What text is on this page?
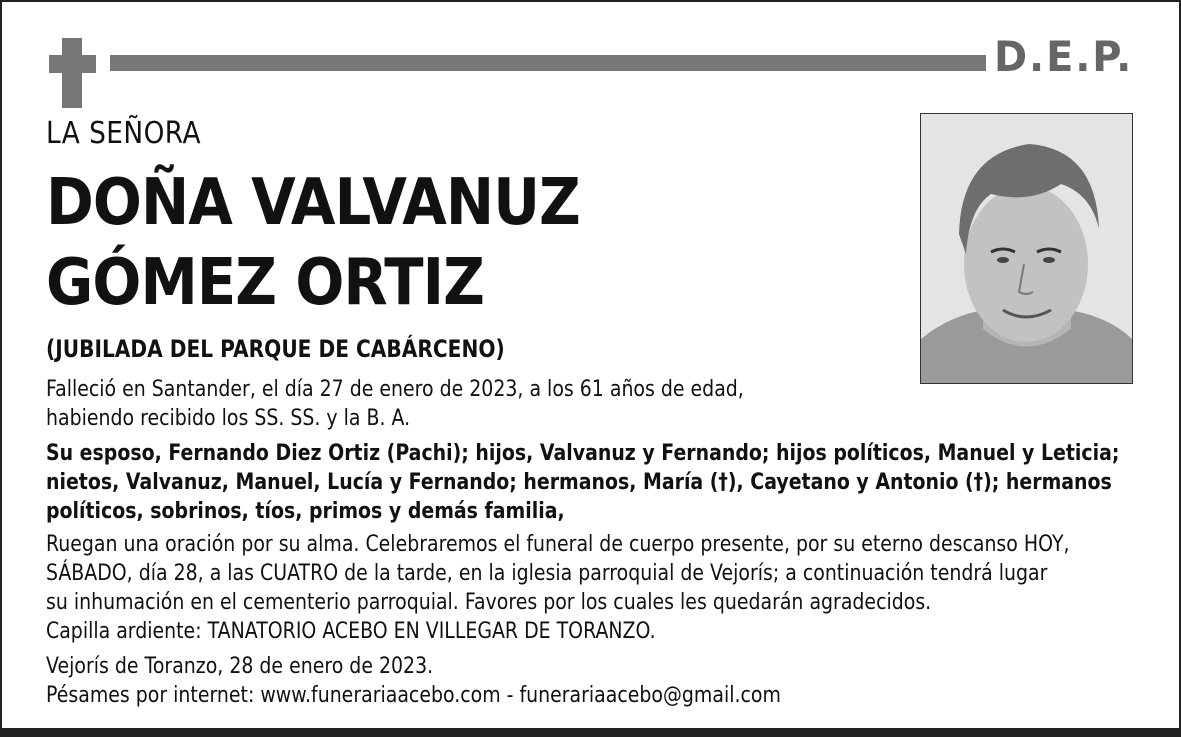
D.E.P.
LA SEÑORA
DOÑA VALVANUZ
GÓMEZ ORTIZ
(JUBILADA DEL PARQUE DE CABÁRCENO)
Falleció en Santander, el día 27 de enero de 2023, a los 61 años de edad,
habiendo recibido los SS. SS. y la B. A.
Su esposo, Fernando Diez Ortiz (Pachi); hijos, Valvanuz y Fernando; hijos políticos, Manuel y Leticia;
nietos, Valvanuz, Manuel, Lucía y Fernando; hermanos, María (†), Cayetano y Antonio (†); hermanos
políticos, sobrinos, tíos, primos y demás familia,
Ruegan una oración por su alma. Celebraremos el funeral de cuerpo presente, por su eterno descanso HOY,
SÁBADO, día 28, a las CUATRO de la tarde, en la iglesia parroquial de Vejorís; a continuación tendrá lugar
su inhumación en el cementerio parroquial. Favores por los cuales les quedarán agradecidos.
Capilla ardiente: TANATORIO ACEBO EN VILLEGAR DE TORANZO.
Vejorís de Toranzo, 28 de enero de 2023.
Pésames por internet: www.funerariaacebo.com - funerariaacebo@gmail.com
